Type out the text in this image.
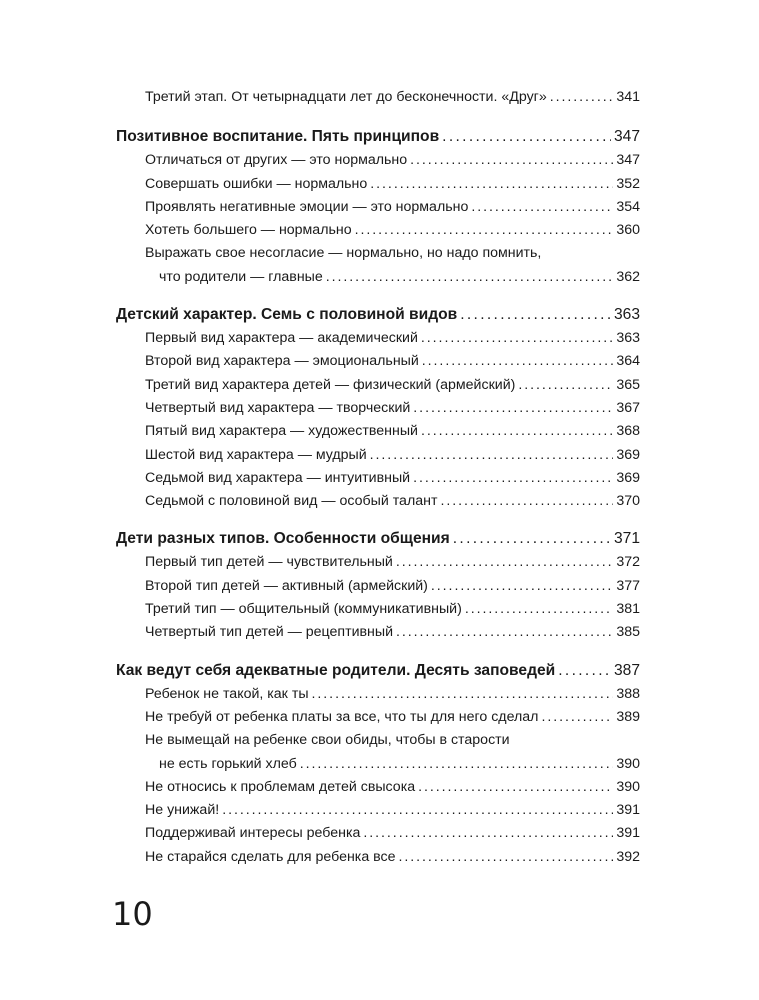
Третий этап. От четырнадцати лет до бесконечности. «Друг» . . .	341
Позитивное воспитание. Пять принципов . . .	347
Отличаться от других — это нормально . . .	347
Совершать ошибки — нормально . . .	352
Проявлять негативные эмоции — это нормально . . .	354
Хотеть большего — нормально . . .	360
Выражать свое несогласие — нормально, но надо помнить,
что родители — главные . . .	362
Детский характер. Семь с половиной видов . . .	363
Первый вид характера — академический . . .	363
Второй вид характера — эмоциональный . . .	364
Третий вид характера детей — физический (армейский) . . .	365
Четвертый вид характера — творческий . . .	367
Пятый вид характера — художественный . . .	368
Шестой вид характера — мудрый . . .	369
Седьмой вид характера — интуитивный . . .	369
Седьмой с половиной вид — особый талант . . .	370
Дети разных типов. Особенности общения . . .	371
Первый тип детей — чувствительный . . .	372
Второй тип детей — активный (армейский) . . .	377
Третий тип — общительный (коммуникативный) . . .	381
Четвертый тип детей — рецептивный . . .	385
Как ведут себя адекватные родители. Десять заповедей . . .	387
Ребенок не такой, как ты . . .	388
Не требуй от ребенка платы за все, что ты для него сделал . . .	389
Не вымещай на ребенке свои обиды, чтобы в старости
не есть горький хлеб . . .	390
Не относись к проблемам детей свысока . . .	390
Не унижай! . . .	391
Поддерживай интересы ребенка . . .	391
Не старайся сделать для ребенка все . . .	392
10
